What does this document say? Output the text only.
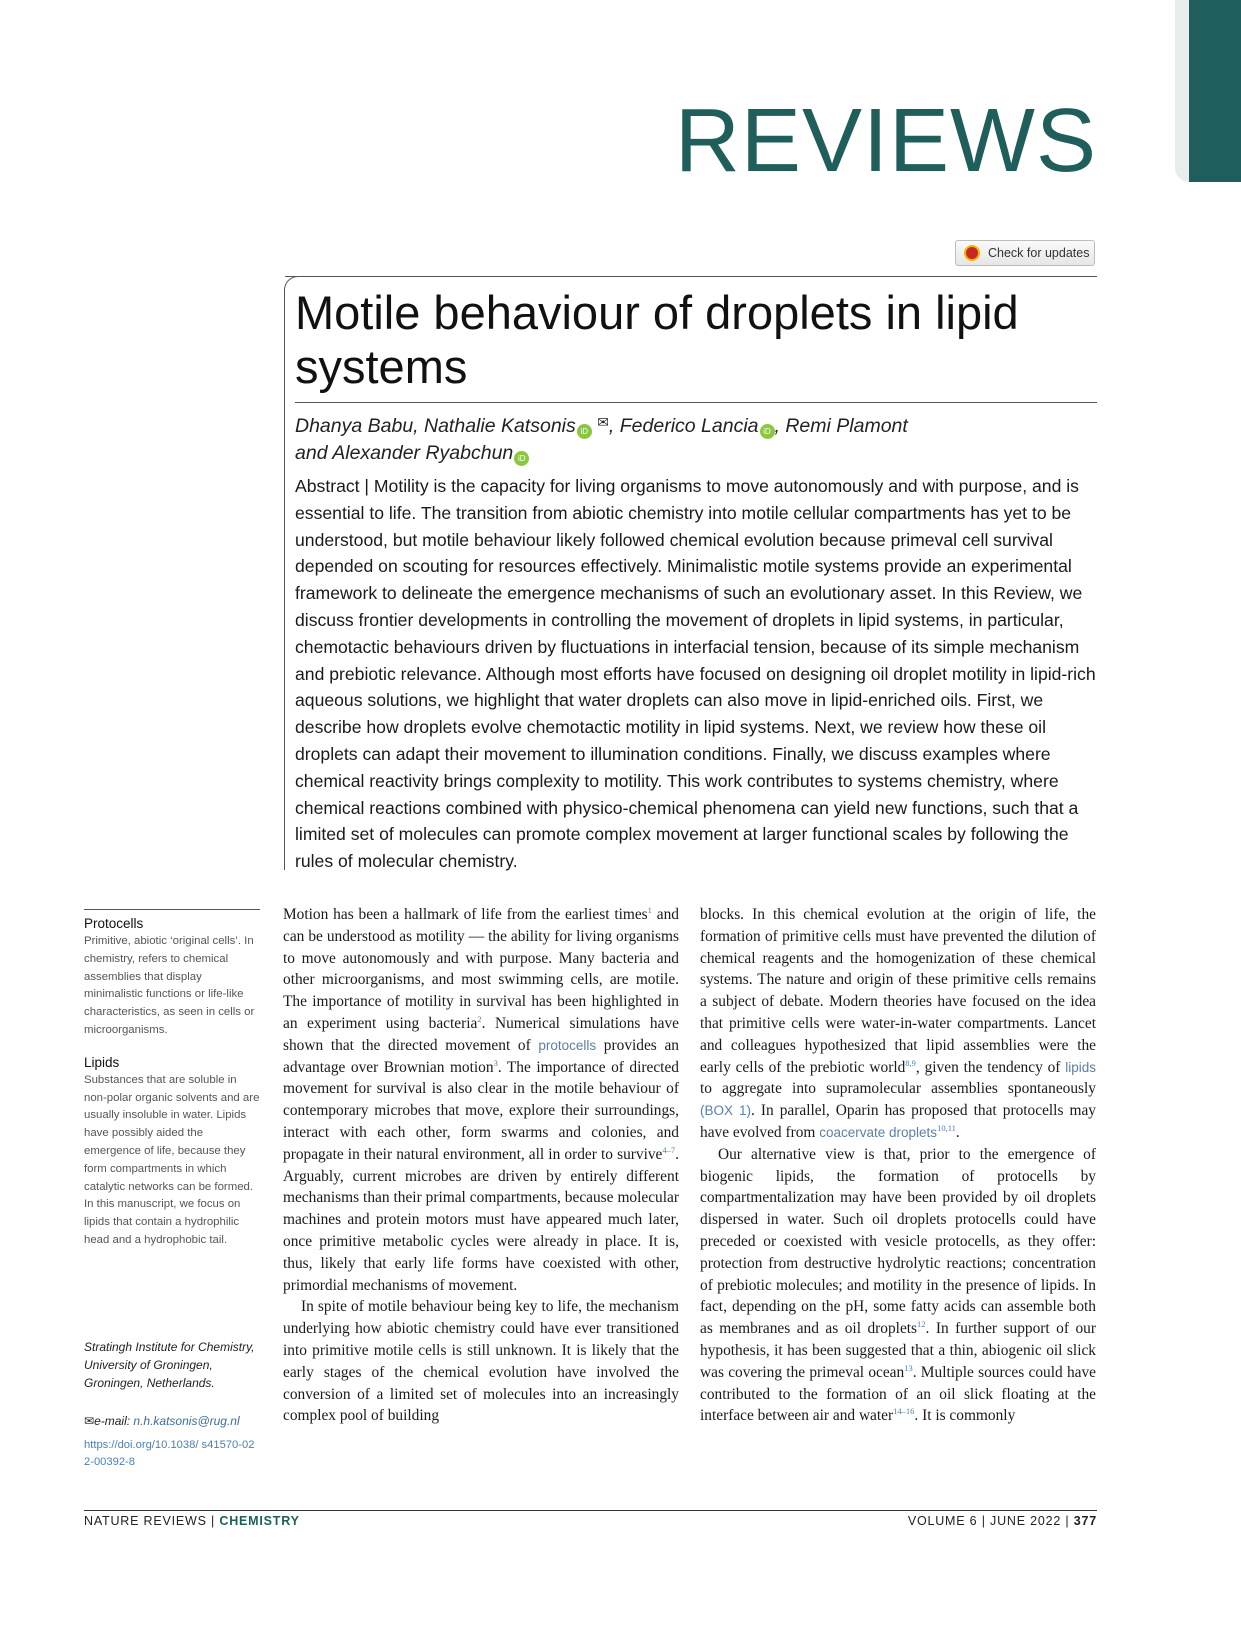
REVIEWS
Check for updates
Motile behaviour of droplets in lipid systems
Dhanya Babu, Nathalie Katsonis iD ✉, Federico Lancia iD , Remi Plamont
and Alexander Ryabchun iD

Abstract | Motility is the capacity for living organisms to move autonomously and with purpose, and is essential to life. The transition from abiotic chemistry into motile cellular compartments has yet to be understood, but motile behaviour likely followed chemical evolution because primeval cell survival depended on scouting for resources effectively. Minimalistic motile systems provide an experimental framework to delineate the emergence mechanisms of such an evolutionary asset. In this Review, we discuss frontier developments in controlling the movement of droplets in lipid systems, in particular, chemotactic behaviours driven by fluctuations in interfacial tension, because of its simple mechanism and prebiotic relevance. Although most efforts have focused on designing oil droplet motility in lipid-rich aqueous solutions, we highlight that water droplets can also move in lipid-enriched oils. First, we describe how droplets evolve chemotactic motility in lipid systems. Next, we review how these oil droplets can adapt their movement to illumination conditions. Finally, we discuss examples where chemical reactivity brings complexity to motility. This work contributes to systems chemistry, where chemical reactions combined with physico-chemical phenomena can yield new functions, such that a limited set of molecules can promote complex movement at larger functional scales by following the rules of molecular chemistry.

Protocells

Primitive, abiotic ‘original cells’. In chemistry, refers to chemical assemblies that display minimalistic functions or life-like characteristics, as seen in cells or microorganisms.

Lipids

Substances that are soluble in non-polar organic solvents and are usually insoluble in water. Lipids have possibly aided the emergence of life, because they form compartments in which catalytic networks can be formed. In this manuscript, we focus on lipids that contain a hydrophilic head and a hydrophobic tail.

Stratingh Institute for Chemistry, University of Groningen, Groningen, Netherlands.
✉e-mail: n.h.katsonis@rug.nl
https://doi.org/10.1038/ s41570-022-00392-8

Motion has been a hallmark of life from the earliest times$^1$ and can be understood as motility — the ability for living organisms to move autonomously and with purpose. Many bacteria and other microorganisms, and most swimming cells, are motile. The importance of motility in survival has been highlighted in an experiment using bacteria$^2$. Numerical simulations have shown that the directed movement of protocells provides an advantage over Brownian motion$^3$. The importance of directed movement for survival is also clear in the motile behaviour of contemporary microbes that move, explore their surroundings, interact with each other, form swarms and colonies, and propagate in their natural environment, all in order to survive$^{4-7}$. Arguably, current microbes are driven by entirely different mechanisms than their primal compartments, because molecular machines and protein motors must have appeared much later, once primitive metabolic cycles were already in place. It is, thus, likely that early life forms have coexisted with other, primordial mechanisms of movement.

In spite of motile behaviour being key to life, the mechanism underlying how abiotic chemistry could have ever transitioned into primitive motile cells is still unknown. It is likely that the early stages of the chemical evolution have involved the conversion of a limited set of molecules into an increasingly complex pool of building

blocks. In this chemical evolution at the origin of life, the formation of primitive cells must have prevented the dilution of chemical reagents and the homogenization of these chemical systems. The nature and origin of these primitive cells remains a subject of debate. Modern theories have focused on the idea that primitive cells were water-in-water compartments. Lancet and colleagues hypothesized that lipid assemblies were the early cells of the prebiotic world$^{8,9}$, given the tendency of lipids to aggregate into supramolecular assemblies spontaneously (BOX 1). In parallel, Oparin has proposed that protocells may have evolved from coacervate droplets$^{10,11}$.

Our alternative view is that, prior to the emergence of biogenic lipids, the formation of protocells by compartmentalization may have been provided by oil droplets dispersed in water. Such oil droplets protocells could have preceded or coexisted with vesicle protocells, as they offer: protection from destructive hydrolytic reactions; concentration of prebiotic molecules; and motility in the presence of lipids. In fact, depending on the pH, some fatty acids can assemble both as membranes and as oil droplets$^{12}$. In further support of our hypothesis, it has been suggested that a thin, abiogenic oil slick was covering the primeval ocean$^{13}$. Multiple sources could have contributed to the formation of an oil slick floating at the interface between air and water$^{14-16}$. It is commonly

NATURE REVIEWS | CHEMISTRY	VOLUME 6 | JUNE 2022 | 377
